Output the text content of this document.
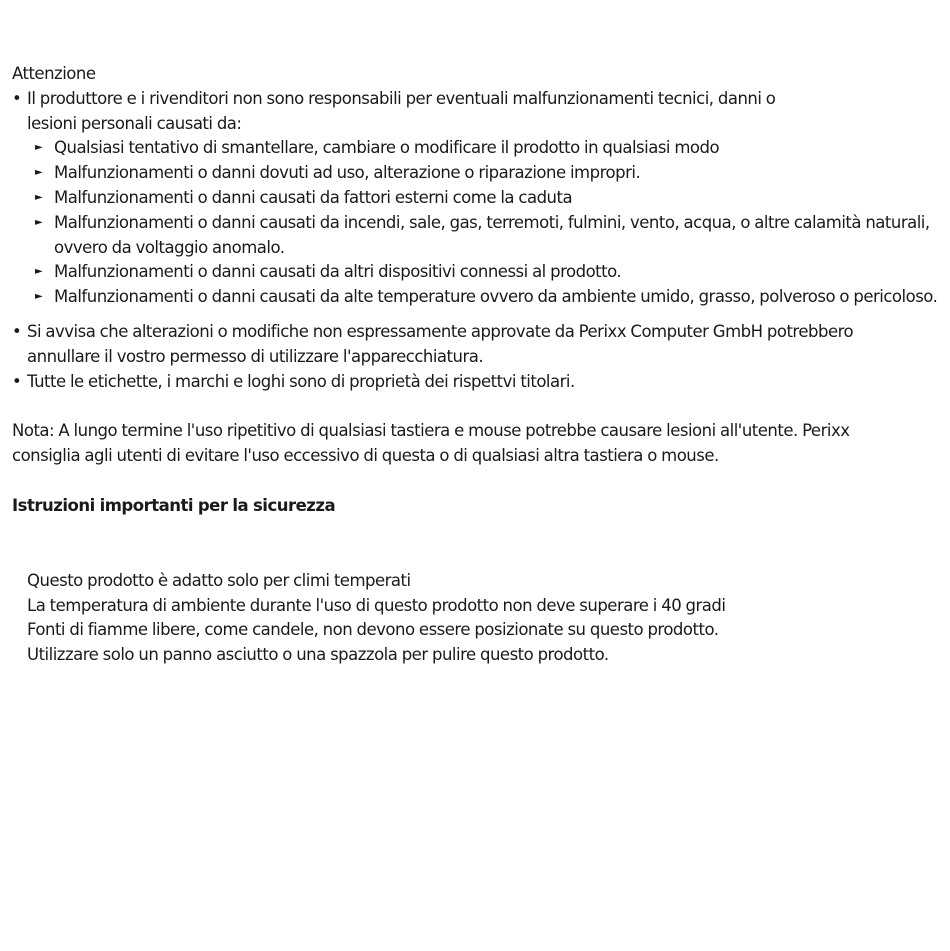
Attenzione
• Il produttore e i rivenditori non sono responsabili per eventuali malfunzionamenti tecnici, danni o
lesioni personali causati da:
► Qualsiasi tentativo di smantellare, cambiare o modificare il prodotto in qualsiasi modo
► Malfunzionamenti o danni dovuti ad uso, alterazione o riparazione impropri.
► Malfunzionamenti o danni causati da fattori esterni come la caduta
► Malfunzionamenti o danni causati da incendi, sale, gas, terremoti, fulmini, vento, acqua, o altre calamità naturali, ovvero da voltaggio anomalo.
► Malfunzionamenti o danni causati da altri dispositivi connessi al prodotto.
► Malfunzionamenti o danni causati da alte temperature ovvero da ambiente umido, grasso, polveroso o pericoloso.
• Si avvisa che alterazioni o modifiche non espressamente approvate da Perixx Computer GmbH potrebbero
annullare il vostro permesso di utilizzare l'apparecchiatura.
• Tutte le etichette, i marchi e loghi sono di proprietà dei rispettvi titolari.
Nota: A lungo termine l'uso ripetitivo di qualsiasi tastiera e mouse potrebbe causare lesioni all'utente. Perixx
consiglia agli utenti di evitare l'uso eccessivo di questa o di qualsiasi altra tastiera o mouse.
Istruzioni importanti per la sicurezza
Questo prodotto è adatto solo per climi temperati
La temperatura di ambiente durante l'uso di questo prodotto non deve superare i 40 gradi
Fonti di fiamme libere, come candele, non devono essere posizionate su questo prodotto.
Utilizzare solo un panno asciutto o una spazzola per pulire questo prodotto.
